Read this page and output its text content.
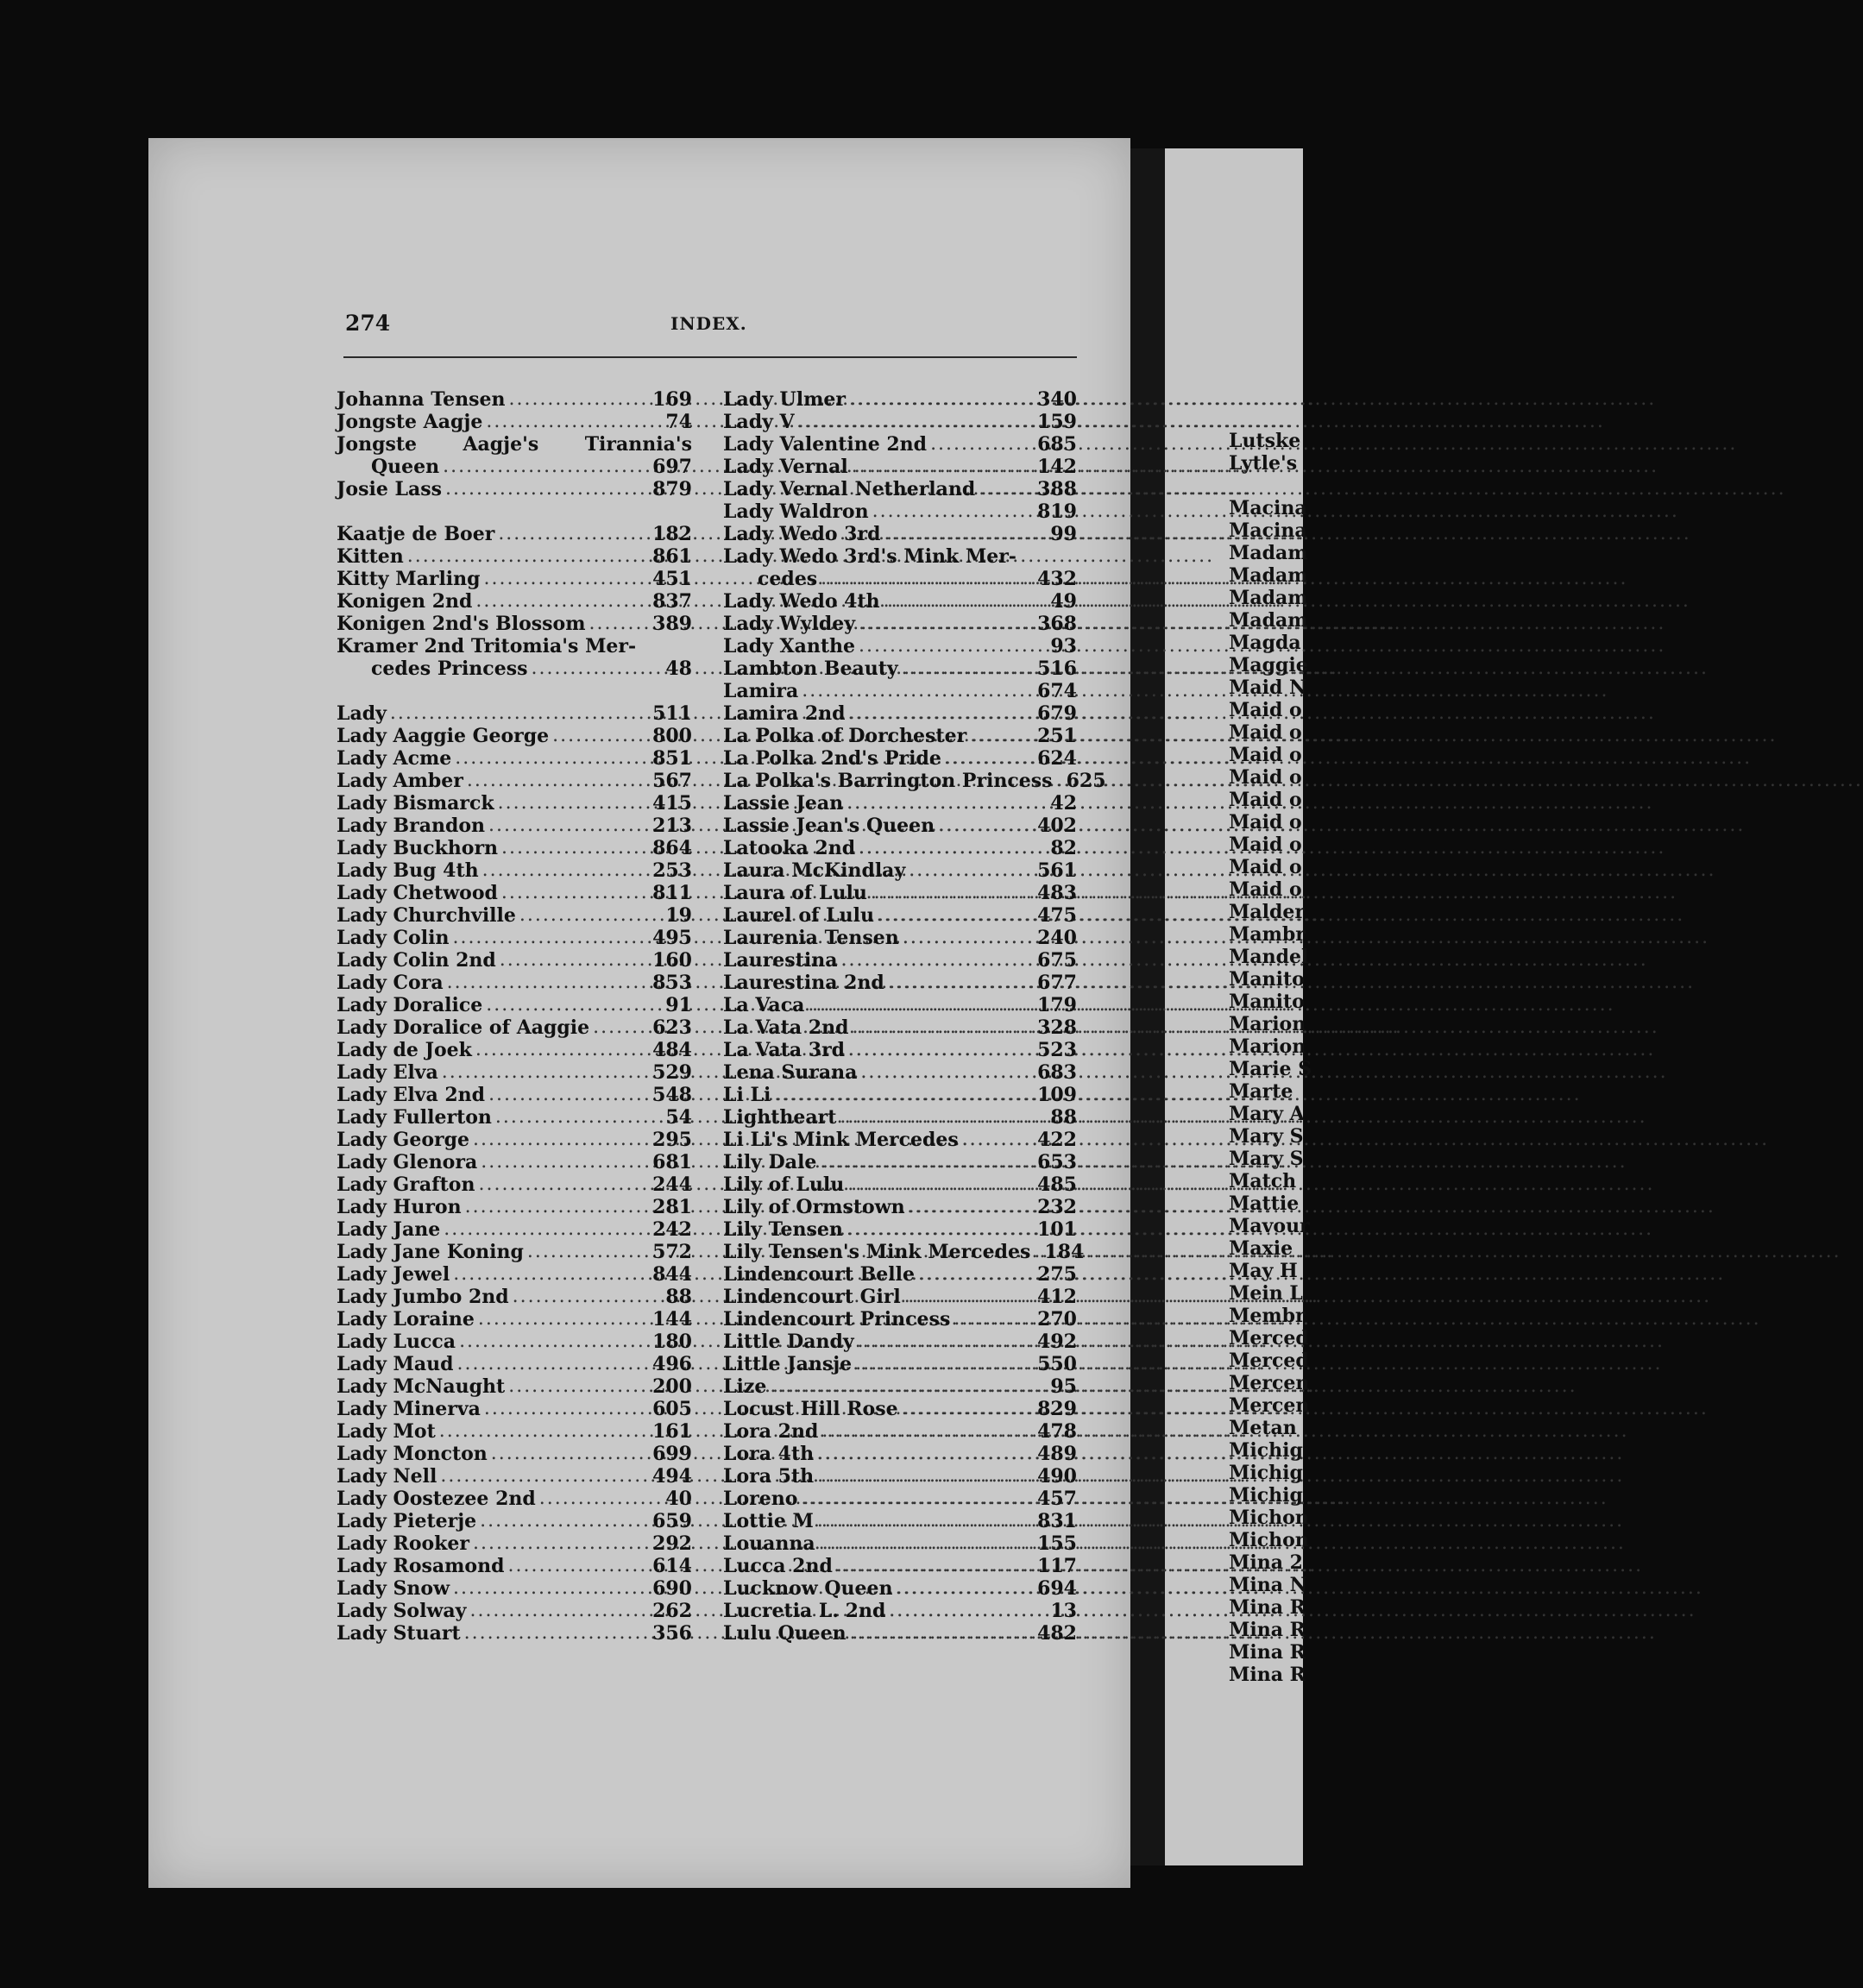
274	INDEX.
Johanna Tensen .....	169
Jongste Aagje .....	74
Jongste Aagje's Tirannia's
Queen .....	697
Josie Lass .....	879
Kaatje de Boer .....	182
Kitten .....	861
Kitty Marling .....	451
Konigen 2nd .....	837
Konigen 2nd's Blossom .....	389
Kramer 2nd Tritomia's Mer-
cedes Princess .....	48
Lady .....	511
Lady Aaggie George .....	800
Lady Acme .....	851
Lady Amber .....	567
Lady Bismarck .....	415
Lady Brandon .....	213
Lady Buckhorn .....	864
Lady Bug 4th .....	253
Lady Chetwood .....	811
Lady Churchville .....	19
Lady Colin .....	495
Lady Colin 2nd .....	160
Lady Cora .....	853
Lady Doralice .....	91
Lady Doralice of Aaggie .....	623
Lady de Joek .....	484
Lady Elva .....	529
Lady Elva 2nd .....	548
Lady Fullerton .....	54
Lady George .....	295
Lady Glenora .....	681
Lady Grafton .....	244
Lady Huron .....	281
Lady Jane .....	242
Lady Jane Koning .....	572
Lady Jewel .....	844
Lady Jumbo 2nd .....	88
Lady Loraine .....	144
Lady Lucca .....	180
Lady Maud .....	496
Lady McNaught .....	200
Lady Minerva .....	605
Lady Mot .....	161
Lady Moncton .....	699
Lady Nell .....	494
Lady Oostezee 2nd .....	40
Lady Pieterje .....	659
Lady Rooker .....	292
Lady Rosamond .....	614
Lady Snow .....	690
Lady Solway .....	262
Lady Stuart .....	356
Lady Ulmer .....	340
Lady V .....	159
Lady Valentine 2nd .....	685
Lady Vernal .....	142
Lady Vernal Netherland .....	388
Lady Waldron .....	819
Lady Wedo 3rd .....	99
Lady Wedo 3rd's Mink Mer-
cedes .....	432
Lady Wedo 4th .....	49
Lady Wyldey .....	368
Lady Xanthe .....	93
Lambton Beauty .....	516
Lamira .....	674
Lamira 2nd .....	679
La Polka of Dorchester .....	251
La Polka 2nd's Pride .....	624
La Polka's Barrington Princess ..... 625
Lassie Jean .....	42
Lassie Jean's Queen .....	402
Latooka 2nd .....	82
Laura McKindlay .....	561
Laura of Lulu .....	483
Laurel of Lulu .....	475
Laurenia Tensen .....	240
Laurestina .....	675
Laurestina 2nd .....	677
La Vaca .....	179
La Vata 2nd .....	328
La Vata 3rd .....	523
Lena Surana .....	683
Li Li .....	109
Lightheart .....	88
Li Li's Mink Mercedes .....	422
Lily Dale .....	653
Lily of Lulu .....	485
Lily of Ormstown .....	232
Lily Tensen .....	101
Lily Tensen's Mink Mercedes ..... 184
Lindencourt Belle .....	275
Lindencourt Girl .....	412
Lindencourt Princess .....	270
Little Dandy .....	492
Little Jansje .....	550
Lize .....	95
Locust Hill Rose .....	829
Lora 2nd .....	478
Lora 4th .....	489
Lora 5th .....	490
Loreno .....	457
Lottie M .....	831
Louanna .....	155
Lucca 2nd .....	117
Lucknow Queen .....	694
Lucretia L. 2nd .....	13
Lulu Queen .....	482
Lutske
Lytle's
Macina
Macina
Madam
Madam
Madam
Madam
Magda
Maggie
Maid N
Maid o
Maid o
Maid o
Maid o
Maid o
Maid o
Maid o
Maid o
Maid o
Malder
Mambr
Mandel
Manito
Manito
Marion
Marion
Marie S
Marte
Mary A
Mary S
Mary S
Match
Mattie
Mavour
Maxie
May H
Mein L
Membr
Merced
Merced
Mercen
Mercen
Metan
Michig
Michig
Michig
Michon
Michon
Mina 2
Mina N
Mina R
Mina R
Mina R
Mina R
